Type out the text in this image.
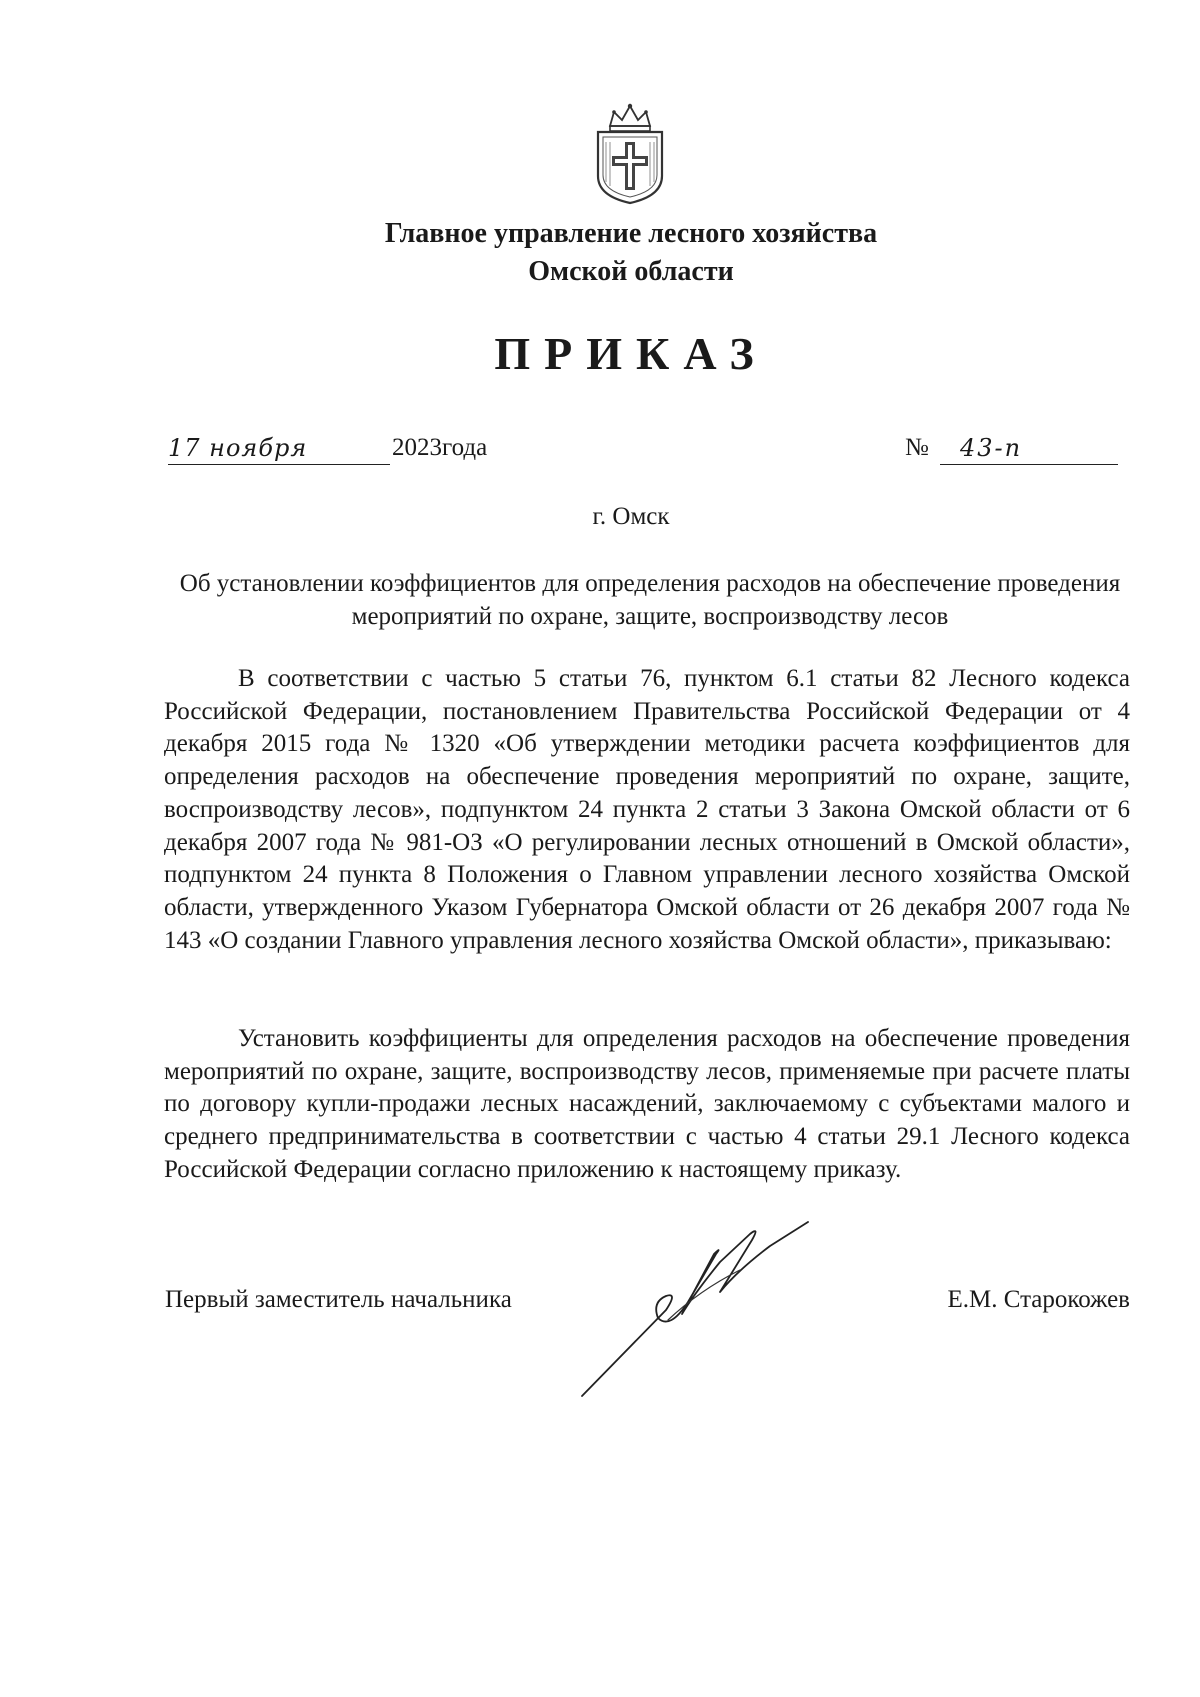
Главное управление лесного хозяйства
Омской области
ПРИКАЗ
17 ноября	2023года	№	43-п
г. Омск
Об установлении коэффициентов для определения расходов на обеспечение проведения мероприятий по охране, защите, воспроизводству лесов

В соответствии с частью 5 статьи 76, пунктом 6.1 статьи 82 Лесного кодекса Российской Федерации, постановлением Правительства Российской Федерации от 4 декабря 2015 года № 1320 «Об утверждении методики расчета коэффициентов для определения расходов на обеспечение проведения мероприятий по охране, защите, воспроизводству лесов», подпунктом 24 пункта 2 статьи 3 Закона Омской области от 6 декабря 2007 года № 981-ОЗ «О регулировании лесных отношений в Омской области», подпунктом 24 пункта 8 Положения о Главном управлении лесного хозяйства Омской области, утвержденного Указом Губернатора Омской области от 26 декабря 2007 года № 143 «О создании Главного управления лесного хозяйства Омской области», приказываю:

Установить коэффициенты для определения расходов на обеспечение проведения мероприятий по охране, защите, воспроизводству лесов, применяемые при расчете платы по договору купли-продажи лесных насаждений, заключаемому с субъектами малого и среднего предпринимательства в соответствии с частью 4 статьи 29.1 Лесного кодекса Российской Федерации согласно приложению к настоящему приказу.

Первый заместитель начальника	Е.М. Старокожев
